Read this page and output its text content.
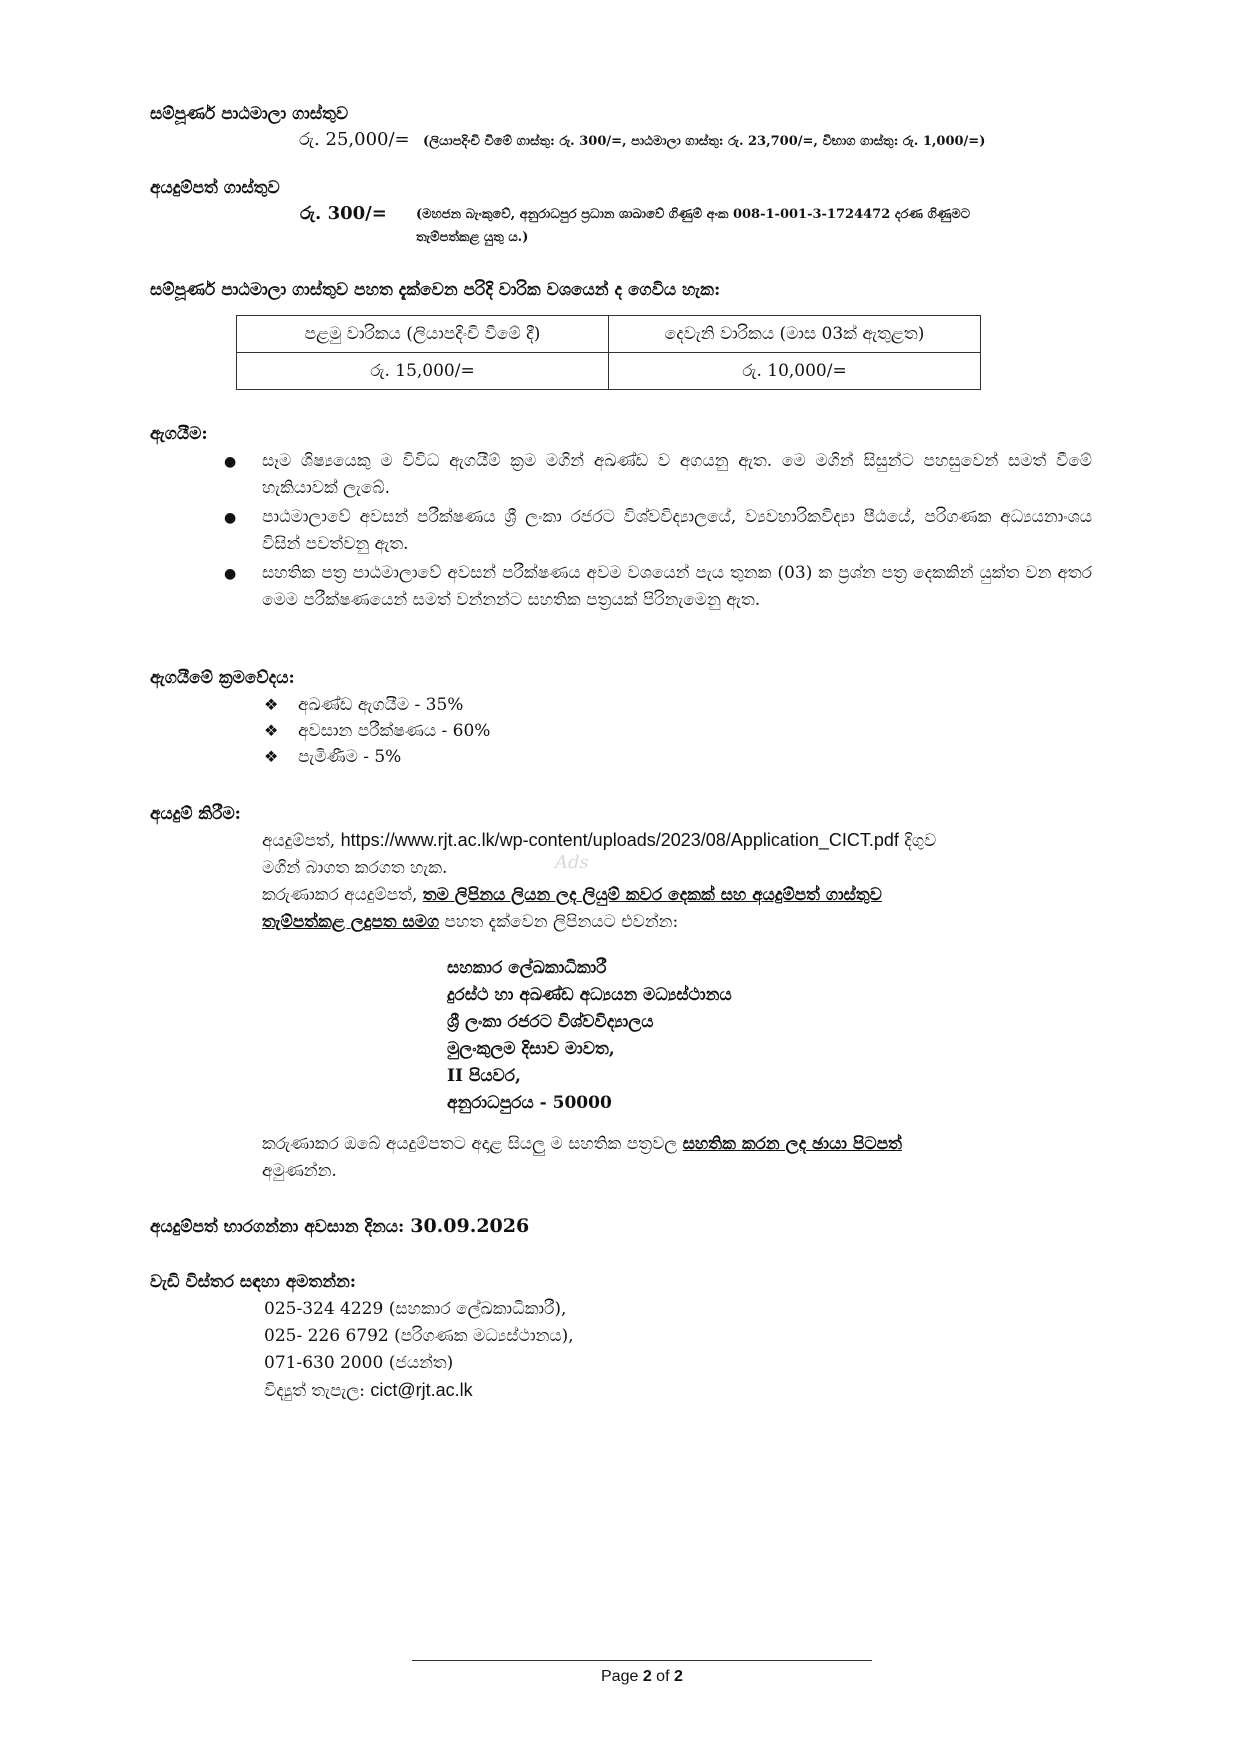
සම්පූර්ණ පාඨමාලා ගාස්තුව
රු. 25,000/= (ලියාපදිංචි වීමේ ගාස්තු: රු. 300/=, පාඨමාලා ගාස්තු: රු. 23,700/=, විභාග ගාස්තු: රු. 1,000/=)
අයදුම්පත් ගාස්තුව
රු. 300/= (මහජන බැංකුවේ, අනුරාධපුර ප්‍රධාන ශාඛාවේ ගිණුම් අංක 008-1-001-3-1724472 දරණ ගිණුමට
තැම්පත්කළ යුතු ය.)
සම්පූර්ණ පාඨමාලා ගාස්තුව පහත දැක්වෙන පරිදි වාරික වශයෙන් ද ගෙවිය හැක:
පළමු වාරිකය (ලියාපදිංචි වීමේ දී)	දෙවැනි වාරිකය (මාස 03ක් ඇතුළත)
රු. 15,000/=	රු. 10,000/=
ඇගයීම:
● සෑම ශිෂ්‍යයෙකු ම විවිධ ඇගයීම් ක්‍රම මගින් අඛණ්ඩ ව අගයනු ඇත. මෙ මගින් සිසුන්ට පහසුවෙන් සමත් වීමේ හැකියාවක් ලැබේ.
● පාඨමාලාවේ අවසන් පරීක්ෂණය ශ්‍රී ලංකා රජරට විශ්වවිද්‍යාලයේ, ව්‍යවහාරිකවිද්‍යා පීඨයේ, පරිගණක අධ්‍යයනාංශය විසින් පවත්වනු ඇත.
● සහතික පත්‍ර පාඨමාලාවේ අවසන් පරීක්ෂණය අවම වශයෙන් පැය තුනක (03) ක ප්‍රශ්න පත්‍ර දෙකකින් යුක්ත වන අතර මෙම පරීක්ෂණයෙන් සමත් වන්නන්ට සහතික පත්‍රයක් පිරිනැමෙනු ඇත.
ඇගයීමේ ක්‍රමවේදය:
❖ අඛණ්ඩ ඇගයීම - 35%
❖ අවසාන පරීක්ෂණය - 60%
❖ පැමිණීම - 5%
අයදුම් කිරීම:
අයදුම්පත්, https://www.rjt.ac.lk/wp-content/uploads/2023/08/Application_CICT.pdf දිගුව
මගින් බාගත කරගත හැක.
කරුණාකර අයදුම්පත්, තම ලිපිනය ලියන ලද ලියුම් කවර දෙකක් සහ අයදුම්පත් ගාස්තුව
තැම්පත්කළ ලදුපත සමග පහත දැක්වෙන ලිපිනයට එවන්න:
සහකාර ලේඛකාධිකාරී
දුරස්ථ හා අඛණ්ඩ අධ්‍යයන මධ්‍යස්ථානය
ශ්‍රී ලංකා රජරට විශ්වවිද්‍යාලය
මුලංකුලම දිසාව මාවත,
II පියවර,
අනුරාධපුරය - 50000
කරුණාකර ඔබේ අයදුම්පතට අදාළ සියලු ම සහතික පත්‍රවල සහතික කරන ලද ඡායා පිටපත්
අමුණන්න.
අයදුම්පත් භාරගන්නා අවසාන දිනය: 30.09.2026
වැඩි විස්තර සඳහා අමතන්න:
025-324 4229 (සහකාර ලේඛකාධිකාරී),
025- 226 6792 (පරිගණක මධ්‍යස්ථානය),
071-630 2000 (ජයන්ත)
විද්‍යුත් තැපැල: cict@rjt.ac.lk
Ads
Page 2 of 2
